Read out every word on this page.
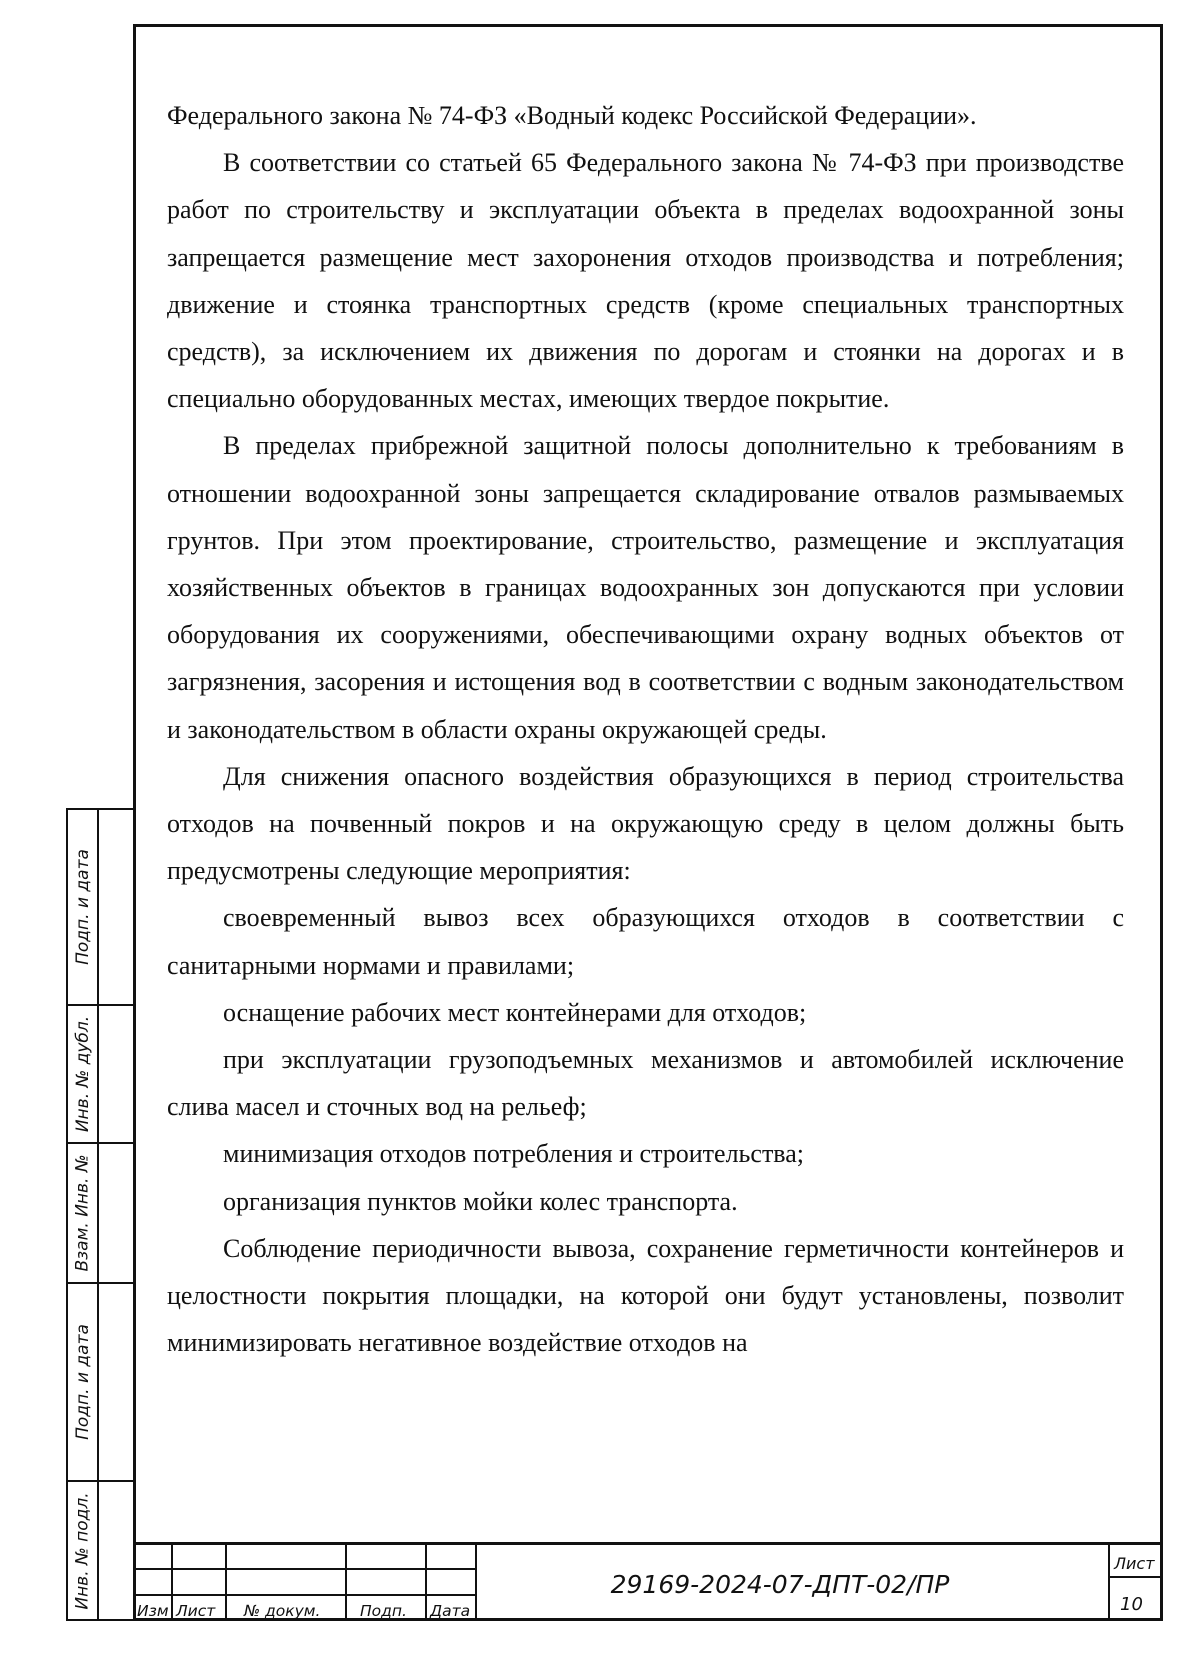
Федерального закона № 74-ФЗ «Водный кодекс Российской Федерации».

В соответствии со статьей 65 Федерального закона № 74-ФЗ при производстве работ по строительству и эксплуатации объекта в пределах водоохранной зоны запрещается размещение мест захоронения отходов производства и потребления; движение и стоянка транспортных средств (кроме специальных транспортных средств), за исключением их движения по дорогам и стоянки на дорогах и в специально оборудованных местах, имеющих твердое покрытие.

В пределах прибрежной защитной полосы дополнительно к требованиям в отношении водоохранной зоны запрещается складирование отвалов размываемых грунтов. При этом проектирование, строительство, размещение и эксплуатация хозяйственных объектов в границах водоохранных зон допускаются при условии оборудования их сооружениями, обеспечивающими охрану водных объектов от загрязнения, засорения и истощения вод в соответствии с водным законодательством и законодательством в области охраны окружающей среды.

Для снижения опасного воздействия образующихся в период строительства отходов на почвенный покров и на окружающую среду в целом должны быть предусмотрены следующие мероприятия:

своевременный вывоз всех образующихся отходов в соответствии с санитарными нормами и правилами;

оснащение рабочих мест контейнерами для отходов;

при эксплуатации грузоподъемных механизмов и автомобилей исключение слива масел и сточных вод на рельеф;

минимизация отходов потребления и строительства;

организация пунктов мойки колес транспорта.

Соблюдение периодичности вывоза, сохранение герметичности контейнеров и целостности покрытия площадки, на которой они будут установлены, позволит минимизировать негативное воздействие отходов на

Подп. и дата
Инв. № дубл.
Взам. Инв. №
Подп. и дата
Инв. № подл.
Изм Лист № докум.	Подп. Дата
29169-2024-07-ДПТ-02/ПР
Лист
10
